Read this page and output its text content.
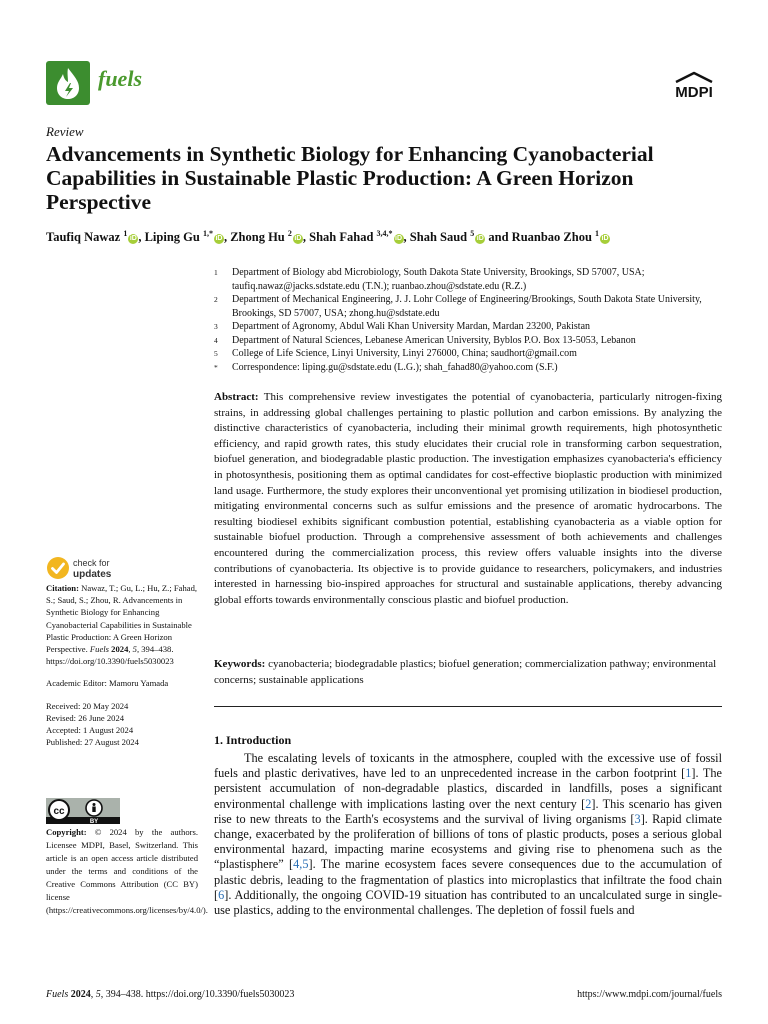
fuels
MDPI
Review
Advancements in Synthetic Biology for Enhancing Cyanobacterial Capabilities in Sustainable Plastic Production: A Green Horizon Perspective
Taufiq Nawaz $^1$iD , Liping Gu $^{1,*}$iD , Zhong Hu $^2$iD , Shah Fahad $^{3,4,*}$iD , Shah Saud $^5$iD and Ruanbao Zhou $^1$iD
1	Department of Biology abd Microbiology, South Dakota State University, Brookings, SD 57007, USA; taufiq.nawaz@jacks.sdstate.edu (T.N.); ruanbao.zhou@sdstate.edu (R.Z.)
2	Department of Mechanical Engineering, J. J. Lohr College of Engineering/Brookings, South Dakota State University, Brookings, SD 57007, USA; zhong.hu@sdstate.edu
3	Department of Agronomy, Abdul Wali Khan University Mardan, Mardan 23200, Pakistan
4	Department of Natural Sciences, Lebanese American University, Byblos P.O. Box 13-5053, Lebanon
5	College of Life Science, Linyi University, Linyi 276000, China; saudhort@gmail.com
*	Correspondence: liping.gu@sdstate.edu (L.G.); shah_fahad80@yahoo.com (S.F.)
Abstract: This comprehensive review investigates the potential of cyanobacteria, particularly nitrogen-fixing strains, in addressing global challenges pertaining to plastic pollution and carbon emissions. By analyzing the distinctive characteristics of cyanobacteria, including their minimal growth requirements, high photosynthetic efficiency, and rapid growth rates, this study elucidates their crucial role in transforming carbon sequestration, biofuel generation, and biodegradable plastic production. The investigation emphasizes cyanobacteria's efficiency in photosynthesis, positioning them as optimal candidates for cost-effective bioplastic production with minimized land usage. Furthermore, the study explores their unconventional yet promising utilization in biodiesel production, mitigating environmental concerns such as sulfur emissions and the presence of aromatic hydrocarbons. The resulting biodiesel exhibits significant combustion potential, establishing cyanobacteria as a viable option for sustainable biofuel production. Through a comprehensive assessment of both achievements and challenges encountered during the commercialization process, this review offers valuable insights into the diverse contributions of cyanobacteria. Its objective is to provide guidance to researchers, policymakers, and industries interested in harnessing bio-inspired approaches for structural and sustainable applications, thereby advancing global efforts towards environmentally conscious plastic and biofuel production.
Keywords: cyanobacteria; biodegradable plastics; biofuel generation; commercialization pathway; environmental concerns; sustainable applications
check for
updates

Citation: Nawaz, T.; Gu, L.; Hu, Z.; Fahad, S.; Saud, S.; Zhou, R. Advancements in Synthetic Biology for Enhancing Cyanobacterial Capabilities in Sustainable Plastic Production: A Green Horizon Perspective. Fuels 2024, 5, 394–438. https://doi.org/10.3390/fuels5030023

Academic Editor: Mamoru Yamada

Received: 20 May 2024
Revised: 26 June 2024
Accepted: 1 August 2024
Published: 27 August 2024
cc
BY
Copyright: © 2024 by the authors. Licensee MDPI, Basel, Switzerland. This article is an open access article distributed under the terms and conditions of the Creative Commons Attribution (CC BY) license (https://creativecommons.org/licenses/by/4.0/).
1. Introduction
The escalating levels of toxicants in the atmosphere, coupled with the excessive use of fossil fuels and plastic derivatives, have led to an unprecedented increase in the carbon footprint [1]. The persistent accumulation of non-degradable plastics, discarded in landfills, poses a significant environmental challenge with implications lasting over the next century [2]. This scenario has given rise to new threats to the Earth's ecosystems and the survival of living organisms [3]. Rapid climate change, exacerbated by the proliferation of billions of tons of plastic products, poses a serious global environmental hazard, impacting marine ecosystems and giving rise to phenomena such as the “plastisphere” [4,5]. The marine ecosystem faces severe consequences due to the accumulation of plastic debris, leading to the fragmentation of plastics into microplastics that infiltrate the food chain [6]. Additionally, the ongoing COVID-19 situation has contributed to an uncalculated surge in single-use plastics, adding to the environmental challenges. The depletion of fossil fuels and
Fuels 2024, 5, 394–438. https://doi.org/10.3390/fuels5030023	https://www.mdpi.com/journal/fuels
